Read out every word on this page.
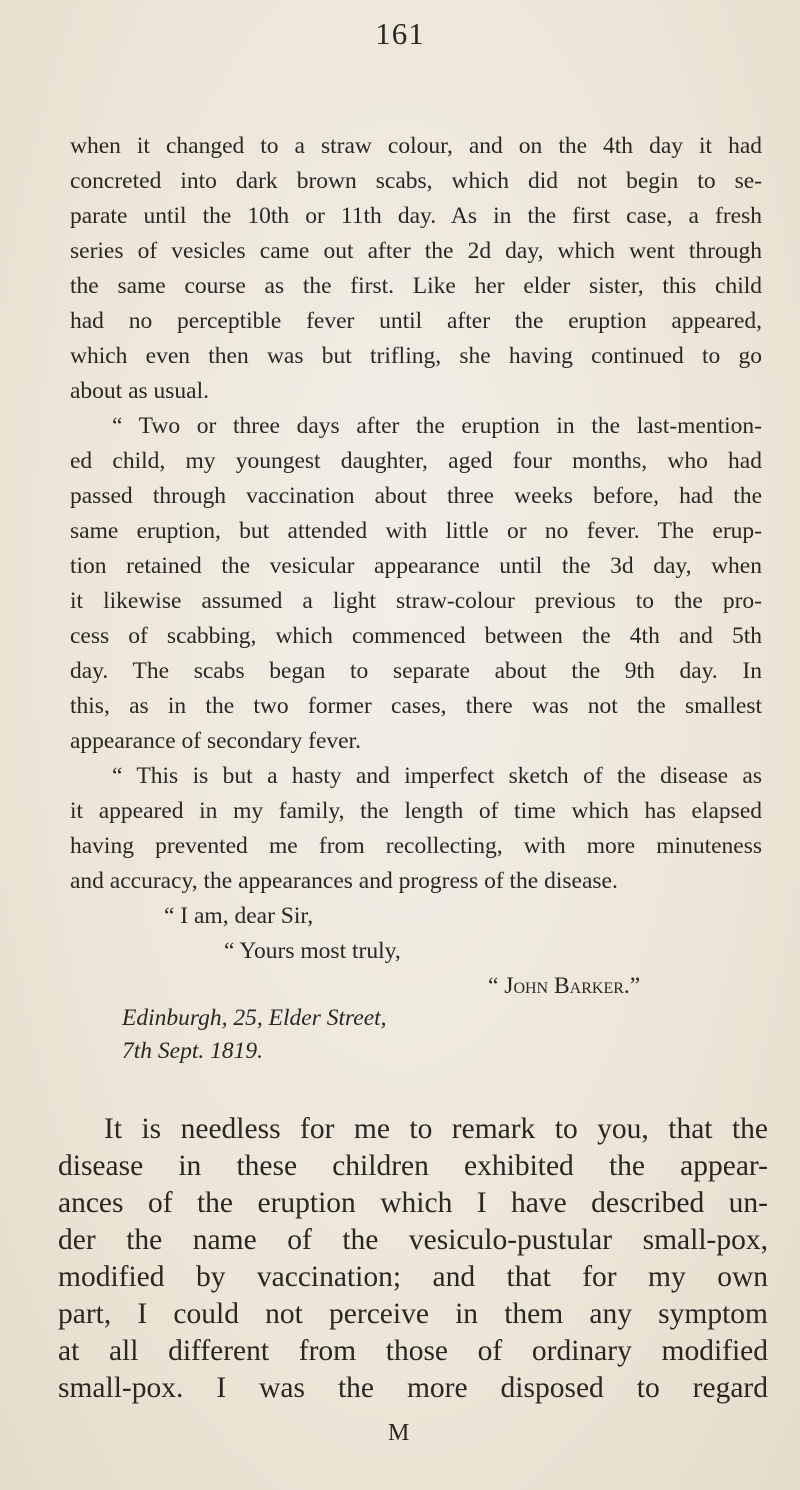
161

when it changed to a straw colour, and on the 4th day it had

concreted into dark brown scabs, which did not begin to se-

parate until the 10th or 11th day. As in the first case, a fresh

series of vesicles came out after the 2d day, which went through

the same course as the first. Like her elder sister, this child

had no perceptible fever until after the eruption appeared,

which even then was but trifling, she having continued to go

about as usual.

“ Two or three days after the eruption in the last-mention-

ed child, my youngest daughter, aged four months, who had

passed through vaccination about three weeks before, had the

same eruption, but attended with little or no fever. The erup-

tion retained the vesicular appearance until the 3d day, when

it likewise assumed a light straw-colour previous to the pro-

cess of scabbing, which commenced between the 4th and 5th

day. The scabs began to separate about the 9th day. In

this, as in the two former cases, there was not the smallest

appearance of secondary fever.

“ This is but a hasty and imperfect sketch of the disease as

it appeared in my family, the length of time which has elapsed

having prevented me from recollecting, with more minuteness

and accuracy, the appearances and progress of the disease.

“ I am, dear Sir,

“ Yours most truly,

“ John Barker.”

Edinburgh, 25, Elder Street,

7th Sept. 1819.

It is needless for me to remark to you, that the

disease in these children exhibited the appear-

ances of the eruption which I have described un-

der the name of the vesiculo-pustular small-pox,

modified by vaccination; and that for my own

part, I could not perceive in them any symptom

at all different from those of ordinary modified

small-pox. I was the more disposed to regard

M
